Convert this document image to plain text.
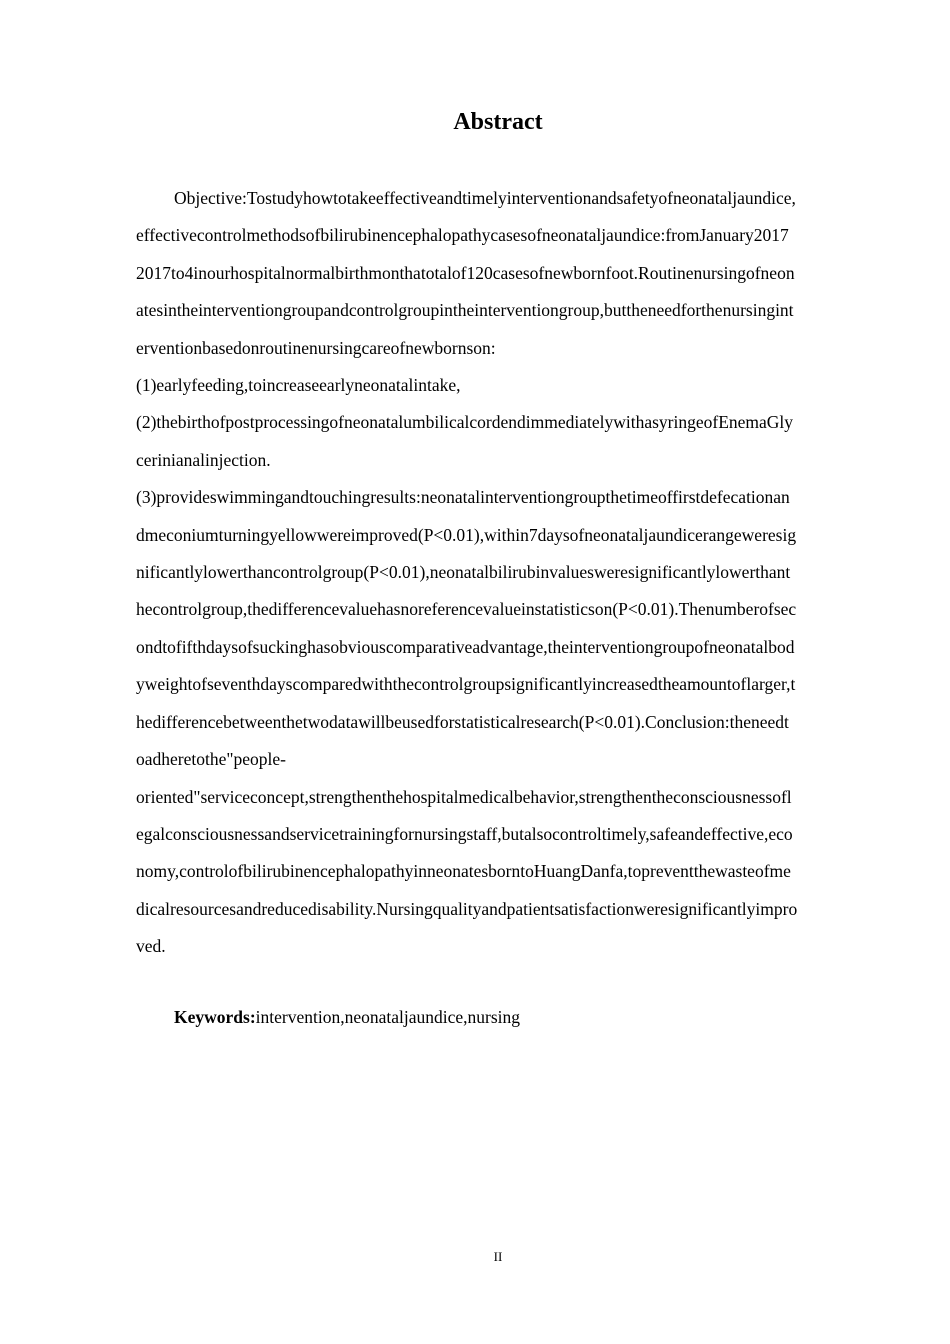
Abstract
Objective:Tostudyhowtotakeeffectiveandtimelyinterventionandsafetyofneonataljaundice,
effectivecontrolmethodsofbilirubinencephalopathycasesofneonataljaundice:fromJanuary2017
2017to4inourhospitalnormalbirthmonthatotalof120casesofnewbornfoot.Routinenursingofneon
atesintheinterventiongroupandcontrolgroupintheinterventiongroup,buttheneedforthenursingint
erventionbasedonroutinenursingcareofnewbornson:
(1)earlyfeeding,toincreaseearlyneonatalintake,
(2)thebirthofpostprocessingofneonatalumbilicalcordendimmediatelywithasyringeofEnemaGly
cerinianalinjection.
(3)provideswimmingandtouchingresults:neonatalinterventiongroupthetimeoffirstdefecationan
dmeconiumturningyellowwereimproved(P<0.01),within7daysofneonataljaundicerangeweresig
nificantlylowerthancontrolgroup(P<0.01),neonatalbilirubinvaluesweresignificantlylowerthant
hecontrolgroup,thedifferencevaluehasnoreferencevalueinstatisticson(P<0.01).Thenumberofsec
ondtofifthdaysofsuckinghasobviouscomparativeadvantage,theinterventiongroupofneonatalbod
yweightofseventhdayscomparedwiththecontrolgroupsignificantlyincreasedtheamountoflarger,t
hedifferencebetweenthetwodatawillbeusedforstatisticalresearch(P<0.01).Conclusion:theneedt
oadheretothe"people-
oriented"serviceconcept,strengthenthehospitalmedicalbehavior,strengthentheconsciousnessofl
egalconsciousnessandservicetrainingfornursingstaff,butalsocontroltimely,safeandeffective,eco
nomy,controlofbilirubinencephalopathyinneonatesborntoHuangDanfa,topreventthewasteofme
dicalresourcesandreducedisability.Nursingqualityandpatientsatisfactionweresignificantlyimpro
ved.

Keywords:intervention,neonataljaundice,nursing

II
